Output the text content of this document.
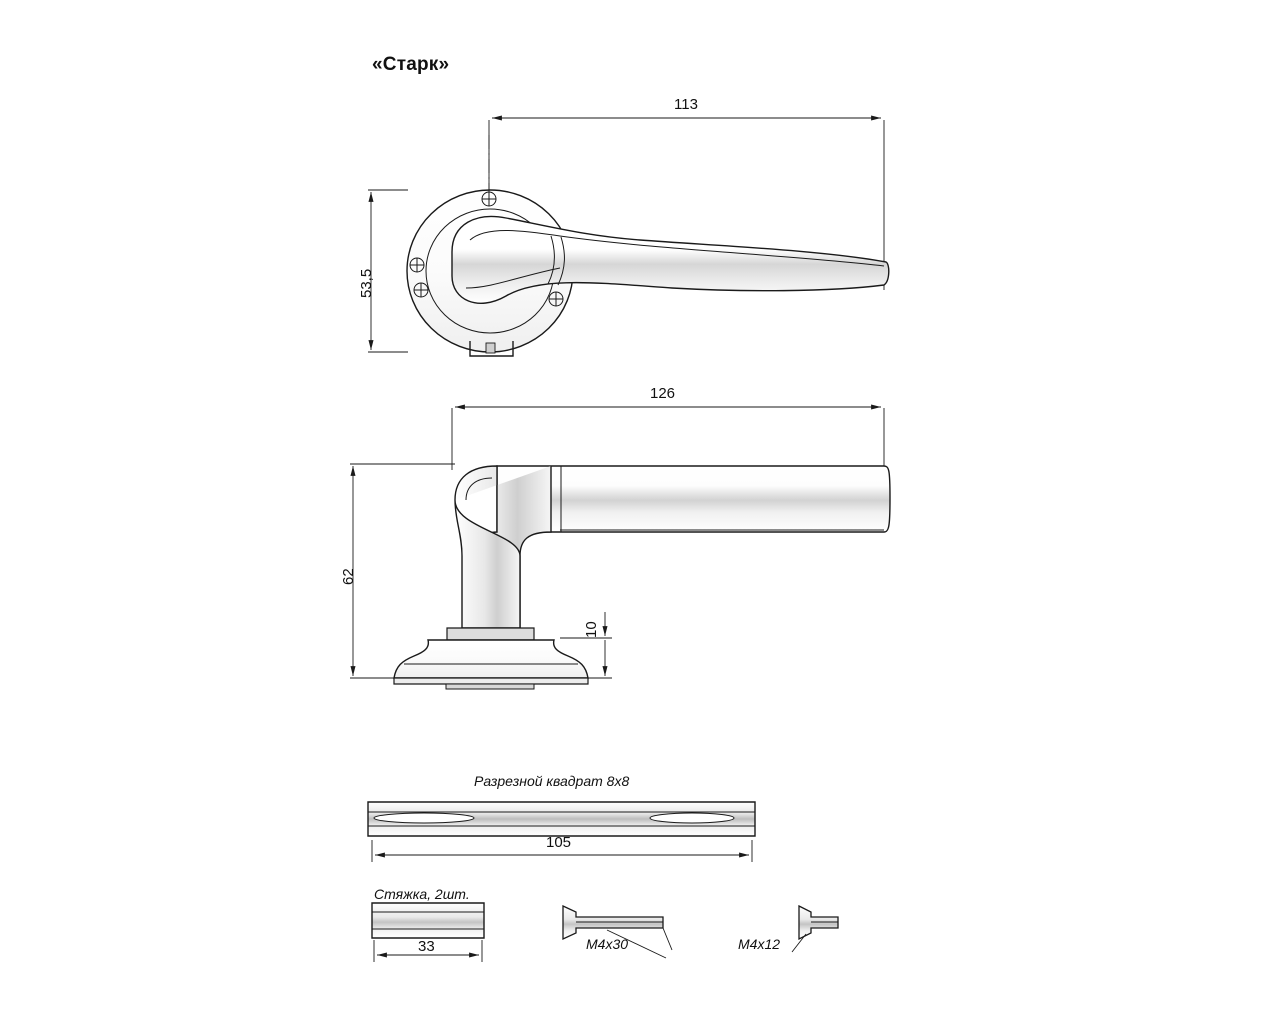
«Старк»
113
53,5
126
62
10
Разрезной квадрат 8x8
105
Стяжка, 2шт.
33	M4x30	M4x12
